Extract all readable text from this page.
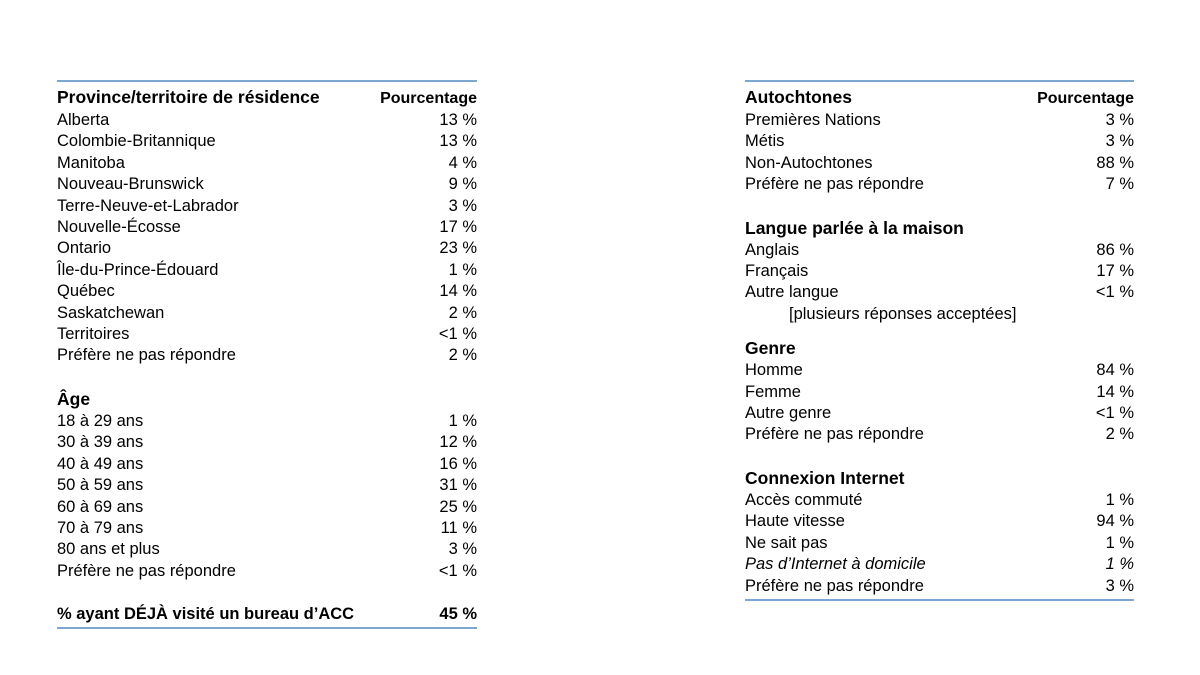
Province/territoire de résidence	Pourcentage
Alberta	13 %
Colombie-Britannique	13 %
Manitoba	4 %
Nouveau-Brunswick	9 %
Terre-Neuve-et-Labrador	3 %
Nouvelle-Écosse	17 %
Ontario	23 %
Île-du-Prince-Édouard	1 %
Québec	14 %
Saskatchewan	2 %
Territoires	<1 %
Préfère ne pas répondre	2 %
Âge
18 à 29 ans	1 %
30 à 39 ans	12 %
40 à 49 ans	16 %
50 à 59 ans	31 %
60 à 69 ans	25 %
70 à 79 ans	11 %
80 ans et plus	3 %
Préfère ne pas répondre	<1 %
% ayant DÉJÀ visité un bureau d’ACC	45 %
Autochtones	Pourcentage
Premières Nations	3 %
Métis	3 %
Non-Autochtones	88 %
Préfère ne pas répondre	7 %
Langue parlée à la maison
Anglais	86 %
Français	17 %
Autre langue	<1 %
[plusieurs réponses acceptées]
Genre
Homme	84 %
Femme	14 %
Autre genre	<1 %
Préfère ne pas répondre	2 %
Connexion Internet
Accès commuté	1 %
Haute vitesse	94 %
Ne sait pas	1 %
Pas d’Internet à domicile	1 %
Préfère ne pas répondre	3 %
